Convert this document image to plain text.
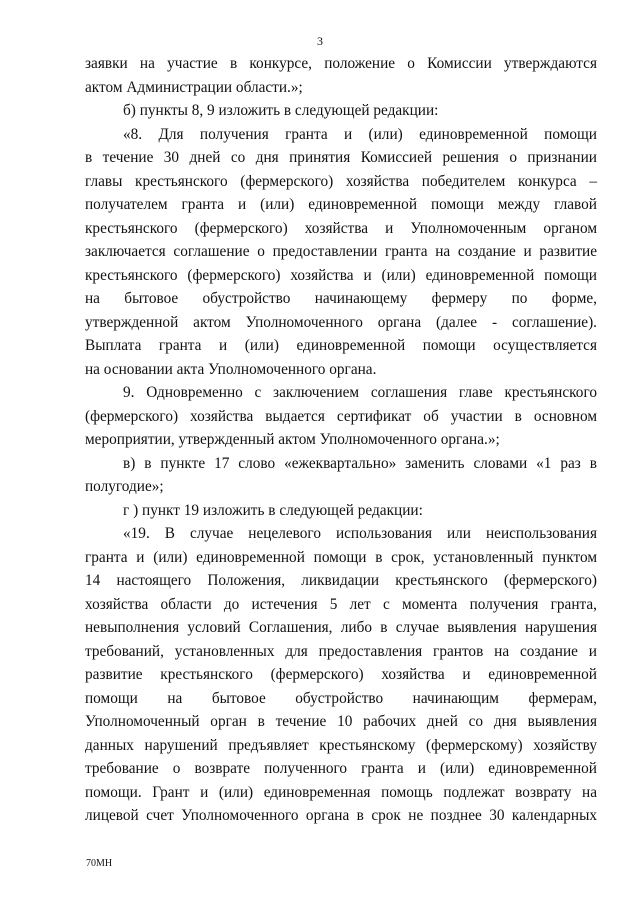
3
заявки на участие в конкурсе, положение о Комиссии утверждаются
актом Администрации области.»;
б) пункты 8, 9 изложить в следующей редакции:
«8. Для получения гранта и (или) единовременной помощи
в течение 30 дней со дня принятия Комиссией решения о признании
главы крестьянского (фермерского) хозяйства победителем конкурса –
получателем гранта и (или) единовременной помощи между главой
крестьянского (фермерского) хозяйства и Уполномоченным органом
заключается соглашение о предоставлении гранта на создание и развитие
крестьянского (фермерского) хозяйства и (или) единовременной помощи
на бытовое обустройство начинающему фермеру по форме,
утвержденной актом Уполномоченного органа (далее - соглашение).
Выплата гранта и (или) единовременной помощи осуществляется
на основании акта Уполномоченного органа.
9. Одновременно с заключением соглашения главе крестьянского
(фермерского) хозяйства выдается сертификат об участии в основном
мероприятии, утвержденный актом Уполномоченного органа.»;
в) в пункте 17 слово «ежеквартально» заменить словами «1 раз в
полугодие»;
г ) пункт 19 изложить в следующей редакции:
«19. В случае нецелевого использования или неиспользования
гранта и (или) единовременной помощи в срок, установленный пунктом
14 настоящего Положения, ликвидации крестьянского (фермерского)
хозяйства области до истечения 5 лет с момента получения гранта,
невыполнения условий Соглашения, либо в случае выявления нарушения
требований, установленных для предоставления грантов на создание и
развитие крестьянского (фермерского) хозяйства и единовременной
помощи на бытовое обустройство начинающим фермерам,
Уполномоченный орган в течение 10 рабочих дней со дня выявления
данных нарушений предъявляет крестьянскому (фермерскому) хозяйству
требование о возврате полученного гранта и (или) единовременной
помощи. Грант и (или) единовременная помощь подлежат возврату на
лицевой счет Уполномоченного органа в срок не позднее 30 календарных
70МН
